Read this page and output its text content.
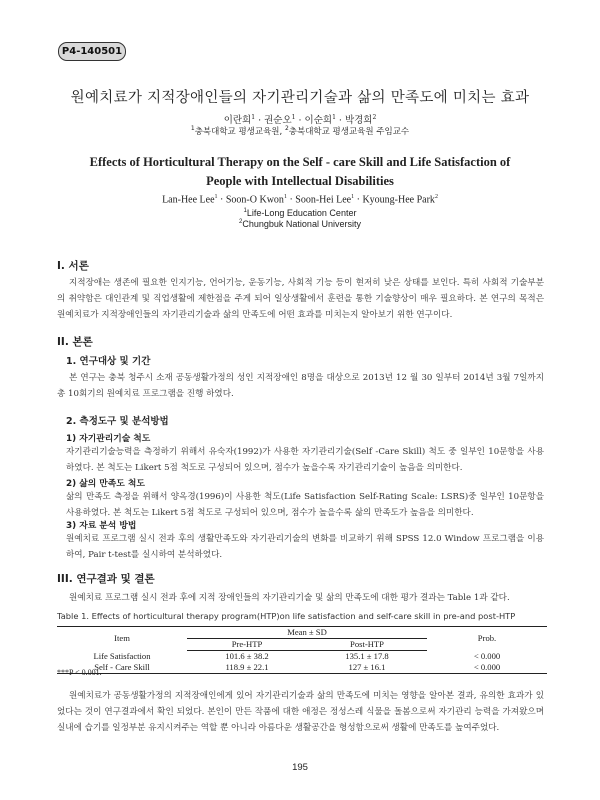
P4-140501
원예치료가 지적장애인들의 자기관리기술과 삶의 만족도에 미치는 효과
이란희$^1$ · 권순오$^1$ · 이순희$^1$ · 박경희$^2$
$^1$충북대학교 평생교육원, $^2$충북대학교 평생교육원 주임교수
Effects of Horticultural Therapy on the Self - care Skill and Life Satisfaction of
People with Intellectual Disabilities
Lan-Hee Lee$^1$ · Soon-O Kwon$^1$ · Soon-Hei Lee$^1$ · Kyoung-Hee Park$^2$
$^1$Life-Long Education Center
$^2$Chungbuk National University
I. 서론
지적장애는 생존에 필요한 인지기능, 언어기능, 운동기능, 사회적 기능 등이 현저히 낮은 상태를 보인다. 특히 사회적 기술부분의 취약함은 대인관계 및 직업생활에 제한점을 주게 되어 일상생활에서 훈련을 통한 기술향상이 매우 필요하다. 본 연구의 목적은 원예치료가 지적장애인들의 자기관리기술과 삶의 만족도에 어떤 효과를 미치는지 알아보기 위한 연구이다.
II. 본론
1. 연구대상 및 기간
본 연구는 충북 청주시 소재 공동생활가정의 성인 지적장애인 8명을 대상으로 2013년 12 월 30 일부터 2014년 3월 7일까지 총 10회기의 원예치료 프로그램을 진행 하였다.
2. 측정도구 및 분석방법
1) 자기관리기술 척도
자기관리기술능력을 측정하기 위해서 유숙자(1992)가 사용한 자기관리기술(Self -Care Skill) 척도 중 일부인 10문항을 사용하였다. 본 척도는 Likert 5점 척도로 구성되어 있으며, 점수가 높을수록 자기관리기술이 높음을 의미한다.
2) 삶의 만족도 척도
삶의 만족도 측정을 위해서 양옥경(1996)이 사용한 척도(Life Satisfaction Self-Rating Scale: LSRS)중 일부인 10문항을 사용하였다. 본 척도는 Likert 5점 척도로 구성되어 있으며, 점수가 높을수록 삶의 만족도가 높음을 의미한다.
3) 자료 분석 방법
원예치료 프로그램 실시 전과 후의 생활만족도와 자기관리기술의 변화를 비교하기 위해 SPSS 12.0 Window 프로그램을 이용하여, Pair t-test를 실시하여 분석하였다.
III. 연구결과 및 결론
원예치료 프로그램 실시 전과 후에 지적 장애인들의 자기관리기술 및 삶의 만족도에 대한 평가 결과는 Table 1과 같다.
Table 1. Effects of horticultural therapy program(HTP)on life satisfaction and self-care skill in pre-and post-HTP
Item	Mean ± SD		Prob.
	Pre-HTP	Post-HTP	
Life Satisfaction	101.6 ± 38.2	135.1 ± 17.8	< 0.000
Self - Care Skill	118.9 ± 22.1	127 ± 16.1	< 0.000
***P < 0.001.
원예치료가 공동생활가정의 지적장애인에게 있어 자기관리기술과 삶의 만족도에 미치는 영향을 알아본 결과, 유의한 효과가 있었다는 것이 연구결과에서 확인 되었다. 본인이 만든 작품에 대한 애정은 정성스레 식물을 돌봄으로써 자기관리 능력을 가져왔으며 실내에 습기를 일정부분 유지시켜주는 역할 뿐 아니라 아름다운 생활공간을 형성함으로써 생활에 만족도를 높여주었다.
195
